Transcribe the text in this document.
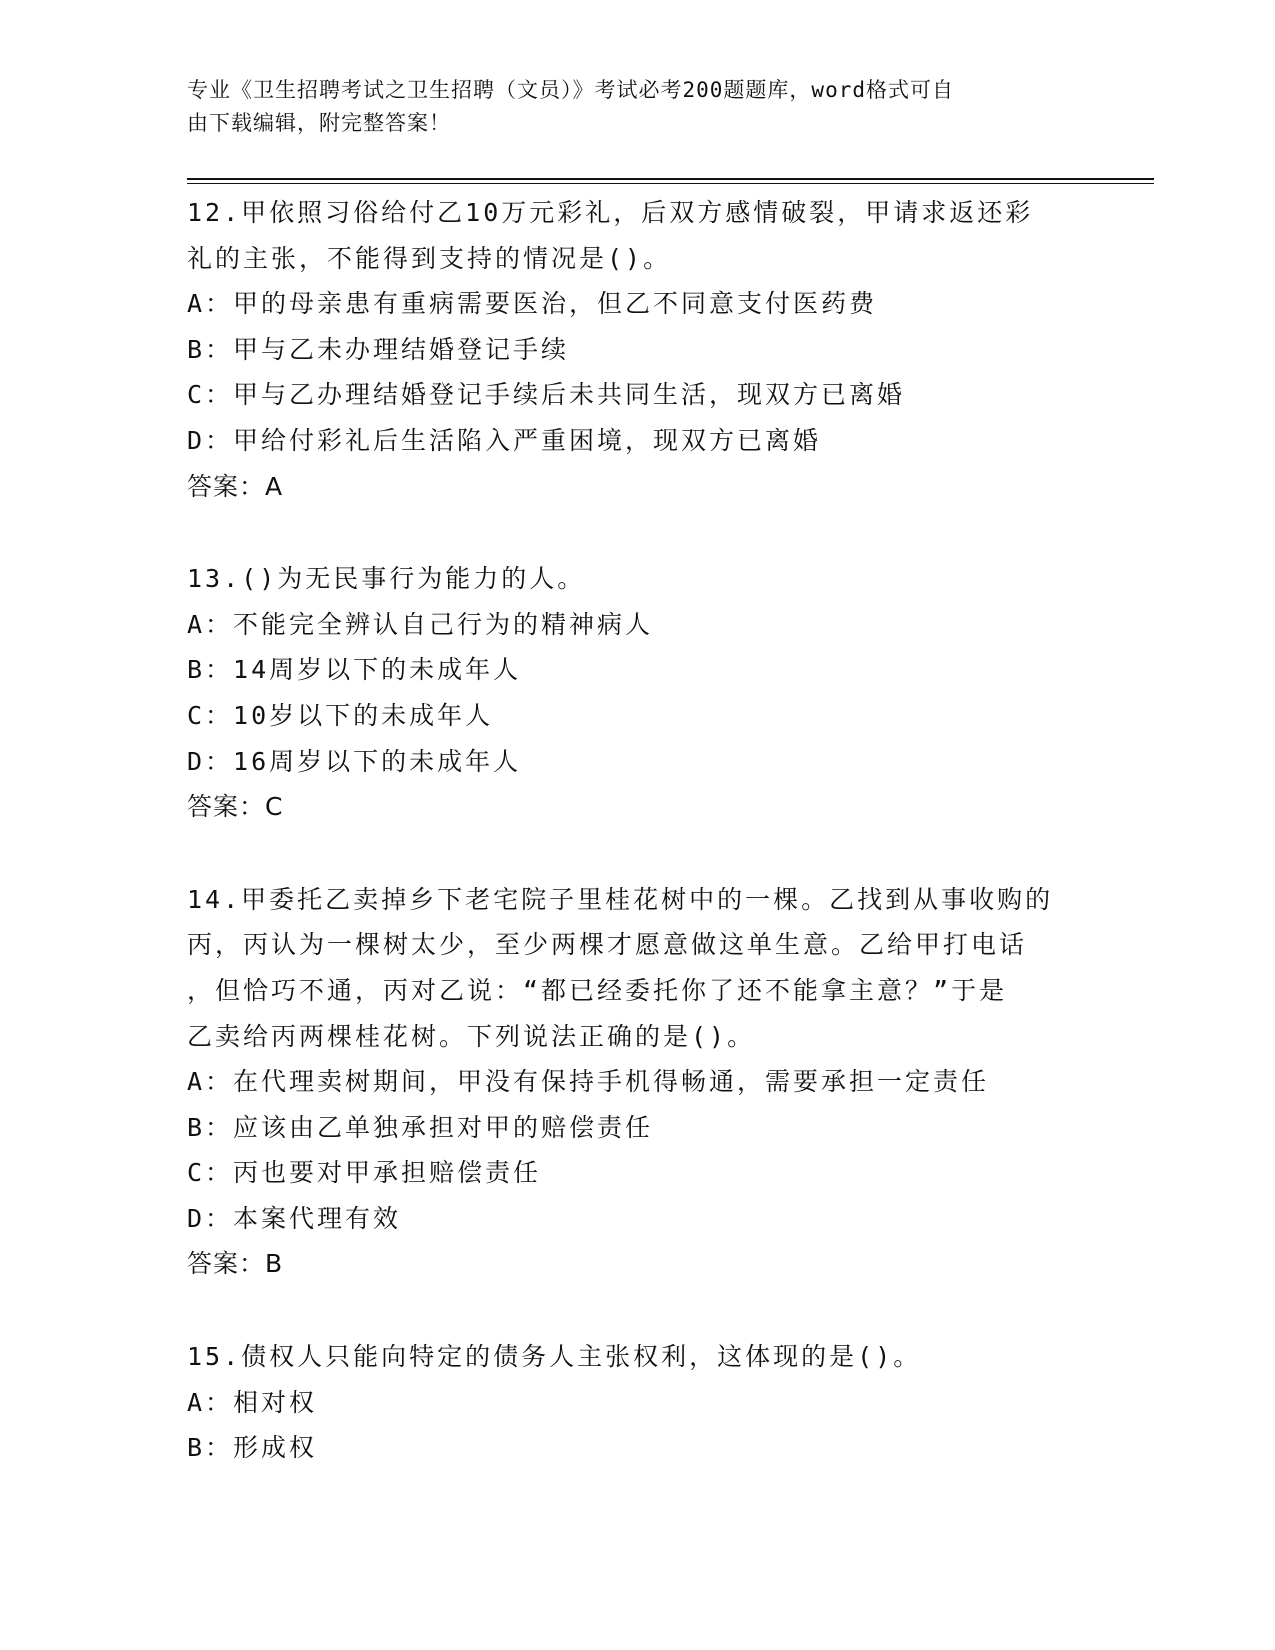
专业《卫生招聘考试之卫生招聘（文员）》考试必考200题题库，word格式可自
由下载编辑，附完整答案！
12.甲依照习俗给付乙10万元彩礼，后双方感情破裂，甲请求返还彩
礼的主张，不能得到支持的情况是()。
A：甲的母亲患有重病需要医治，但乙不同意支付医药费
B：甲与乙未办理结婚登记手续
C：甲与乙办理结婚登记手续后未共同生活，现双方已离婚
D：甲给付彩礼后生活陷入严重困境，现双方已离婚
答案：A
13.()为无民事行为能力的人。
A：不能完全辨认自己行为的精神病人
B：14周岁以下的未成年人
C：10岁以下的未成年人
D：16周岁以下的未成年人
答案：C
14.甲委托乙卖掉乡下老宅院子里桂花树中的一棵。乙找到从事收购的
丙，丙认为一棵树太少，至少两棵才愿意做这单生意。乙给甲打电话
，但恰巧不通，丙对乙说：“都已经委托你了还不能拿主意？”于是
乙卖给丙两棵桂花树。下列说法正确的是()。
A：在代理卖树期间，甲没有保持手机得畅通，需要承担一定责任
B：应该由乙单独承担对甲的赔偿责任
C：丙也要对甲承担赔偿责任
D：本案代理有效
答案：B
15.债权人只能向特定的债务人主张权利，这体现的是()。
A：相对权
B：形成权
